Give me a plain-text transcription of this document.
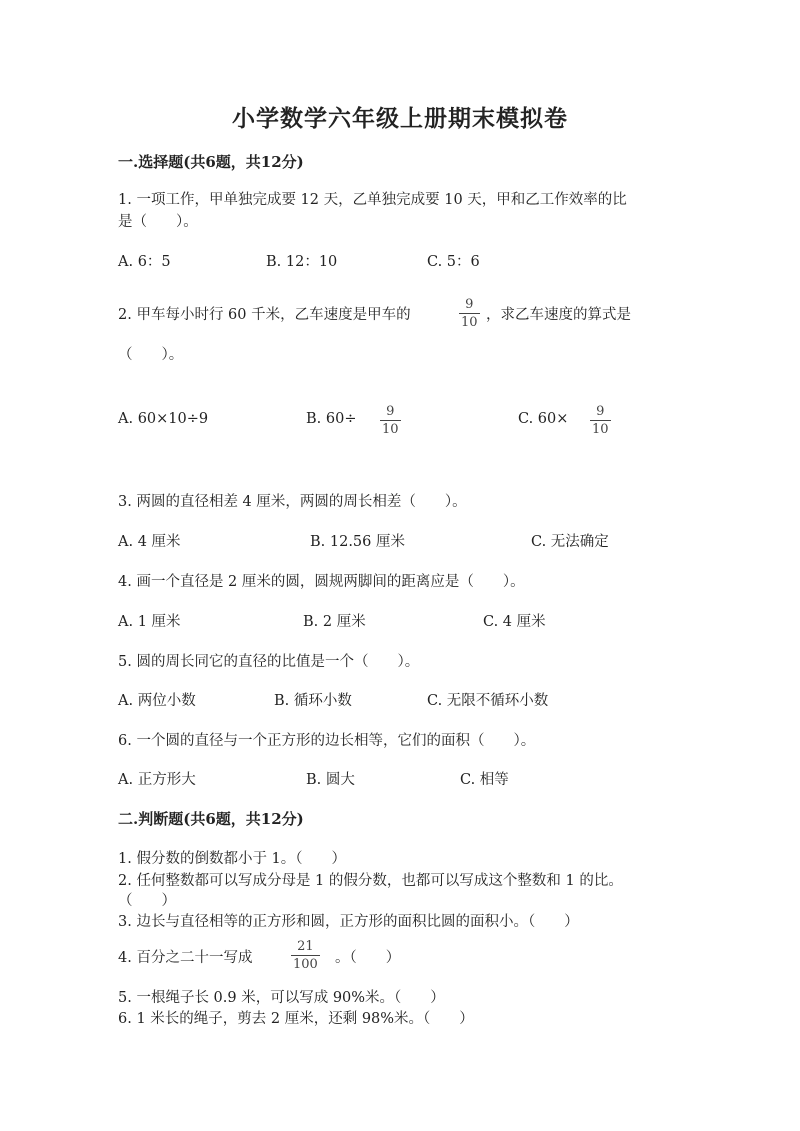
小学数学六年级上册期末模拟卷
一.选择题(共6题，共12分)
1. 一项工作，甲单独完成要 12 天，乙单独完成要 10 天，甲和乙工作效率的比
是（　　）。
A. 6：5	B. 12：10	C. 5：6
2. 甲车每小时行 60 千米，乙车速度是甲车的
9
10 ，求乙车速度的算式是
（　　）。
A. 60×10÷9	B. 60÷ 9
10
C. 60× 9
10
3. 两圆的直径相差 4 厘米，两圆的周长相差（　　）。
A. 4 厘米	B. 12.56 厘米	C. 无法确定
4. 画一个直径是 2 厘米的圆，圆规两脚间的距离应是（　　）。
A. 1 厘米	B. 2 厘米	C. 4 厘米
5. 圆的周长同它的直径的比值是一个（　　）。
A. 两位小数	B. 循环小数	C. 无限不循环小数
6. 一个圆的直径与一个正方形的边长相等，它们的面积（　　）。
A. 正方形大	B. 圆大	C. 相等
二.判断题(共6题，共12分)
1. 假分数的倒数都小于 1。（　　）
2. 任何整数都可以写成分母是 1 的假分数，也都可以写成这个整数和 1 的比。
（　　）
3. 边长与直径相等的正方形和圆，正方形的面积比圆的面积小。（　　）
4. 百分之二十一写成
21
100 。（　　）
5. 一根绳子长 0.9 米，可以写成 90%米。（　　）
6. 1 米长的绳子，剪去 2 厘米，还剩 98%米。（　　）
